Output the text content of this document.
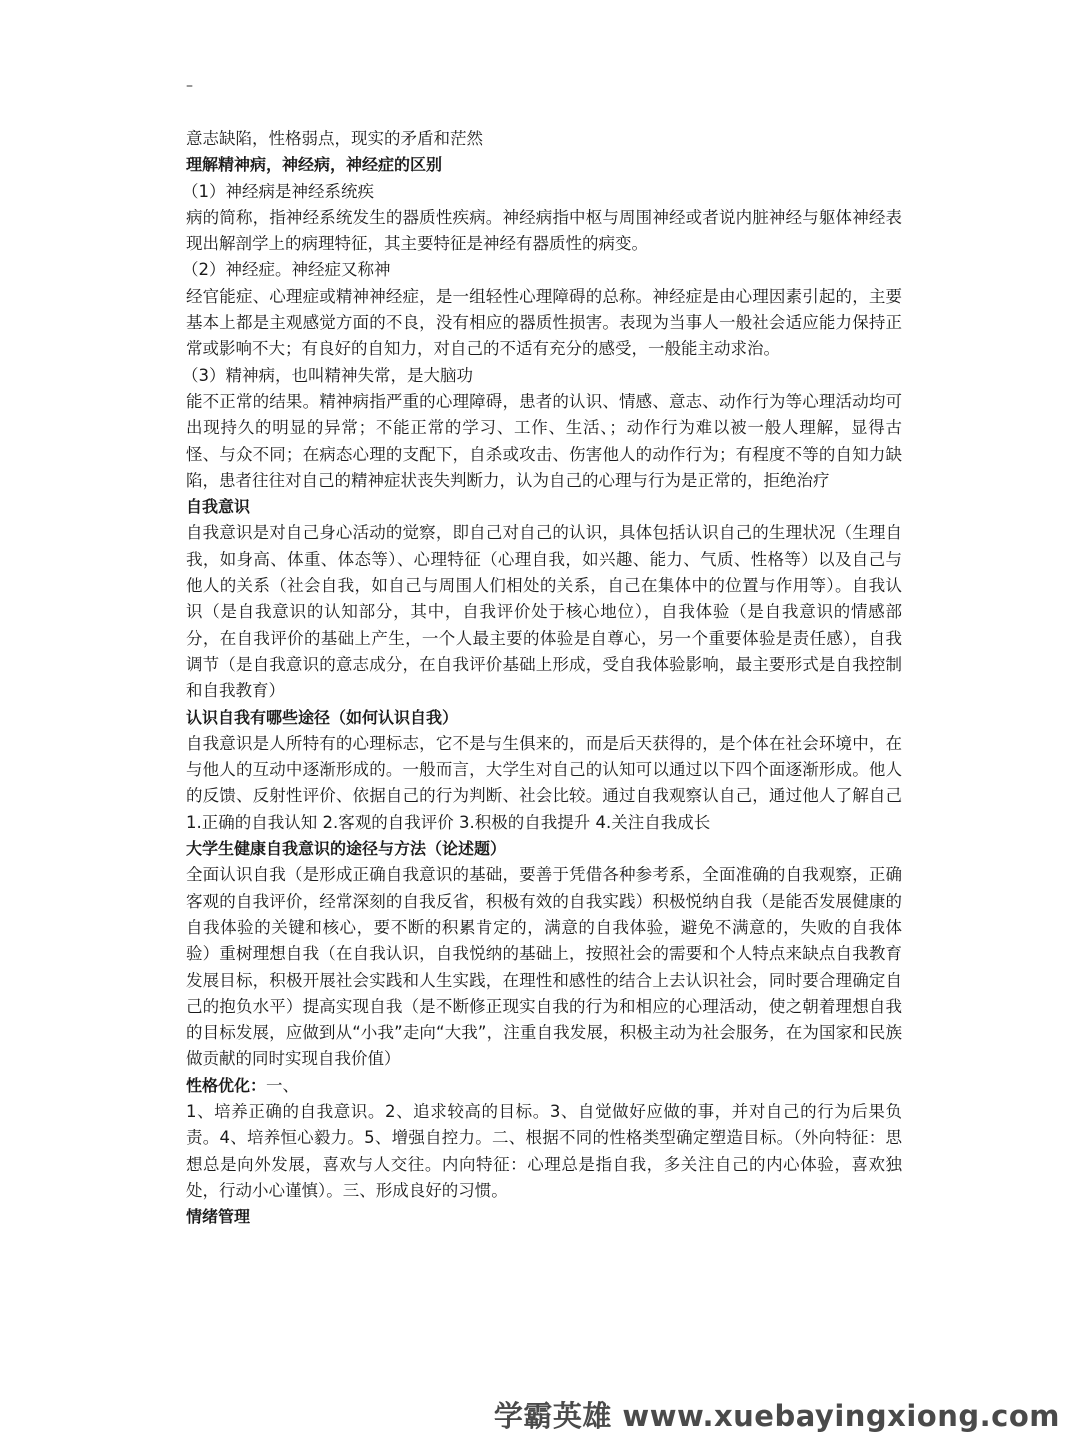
–

意志缺陷，性格弱点，现实的矛盾和茫然

理解精神病，神经病，神经症的区别

（1）神经病是神经系统疾

病的简称，指神经系统发生的器质性疾病。神经病指中枢与周围神经或者说内脏神经与躯体神经表现出解剖学上的病理特征，其主要特征是神经有器质性的病变。

（2）神经症。神经症又称神

经官能症、心理症或精神神经症，是一组轻性心理障碍的总称。神经症是由心理因素引起的，主要基本上都是主观感觉方面的不良，没有相应的器质性损害。表现为当事人一般社会适应能力保持正常或影响不大；有良好的自知力，对自己的不适有充分的感受，一般能主动求治。

（3）精神病，也叫精神失常，是大脑功

能不正常的结果。精神病指严重的心理障碍，患者的认识、情感、意志、动作行为等心理活动均可出现持久的明显的异常；不能正常的学习、工作、生活、；动作行为难以被一般人理解，显得古怪、与众不同；在病态心理的支配下，自杀或攻击、伤害他人的动作行为；有程度不等的自知力缺陷，患者往往对自己的精神症状丧失判断力，认为自己的心理与行为是正常的，拒绝治疗

自我意识

自我意识是对自己身心活动的觉察，即自己对自己的认识，具体包括认识自己的生理状况（生理自我，如身高、体重、体态等）、心理特征（心理自我，如兴趣、能力、气质、性格等）以及自己与他人的关系（社会自我，如自己与周围人们相处的关系，自己在集体中的位置与作用等）。自我认识（是自我意识的认知部分，其中，自我评价处于核心地位），自我体验（是自我意识的情感部分，在自我评价的基础上产生，一个人最主要的体验是自尊心，另一个重要体验是责任感），自我调节（是自我意识的意志成分，在自我评价基础上形成，受自我体验影响，最主要形式是自我控制和自我教育）

认识自我有哪些途径（如何认识自我）

自我意识是人所特有的心理标志，它不是与生俱来的，而是后天获得的，是个体在社会环境中，在与他人的互动中逐渐形成的。一般而言，大学生对自己的认知可以通过以下四个面逐渐形成。他人的反馈、反射性评价、依据自己的行为判断、社会比较。通过自我观察认自己，通过他人了解自己 1.正确的自我认知 2.客观的自我评价 3.积极的自我提升 4.关注自我成长

大学生健康自我意识的途径与方法（论述题）

全面认识自我（是形成正确自我意识的基础，要善于凭借各种参考系，全面准确的自我观察，正确客观的自我评价，经常深刻的自我反省，积极有效的自我实践）积极悦纳自我（是能否发展健康的自我体验的关键和核心，要不断的积累肯定的，满意的自我体验，避免不满意的，失败的自我体验）重树理想自我（在自我认识，自我悦纳的基础上，按照社会的需要和个人特点来缺点自我教育发展目标，积极开展社会实践和人生实践，在理性和感性的结合上去认识社会，同时要合理确定自己的抱负水平）提高实现自我（是不断修正现实自我的行为和相应的心理活动，使之朝着理想自我的目标发展，应做到从“小我”走向“大我”，注重自我发展，积极主动为社会服务，在为国家和民族做贡献的同时实现自我价值）

性格优化：一、

1、培养正确的自我意识。2、追求较高的目标。3、自觉做好应做的事，并对自己的行为后果负责。4、培养恒心毅力。5、增强自控力。二、根据不同的性格类型确定塑造目标。（外向特征：思想总是向外发展，喜欢与人交往。内向特征：心理总是指自我，多关注自己的内心体验，喜欢独处，行动小心谨慎）。三、形成良好的习惯。

情绪管理

学霸英雄 www.xuebayingxiong.com
